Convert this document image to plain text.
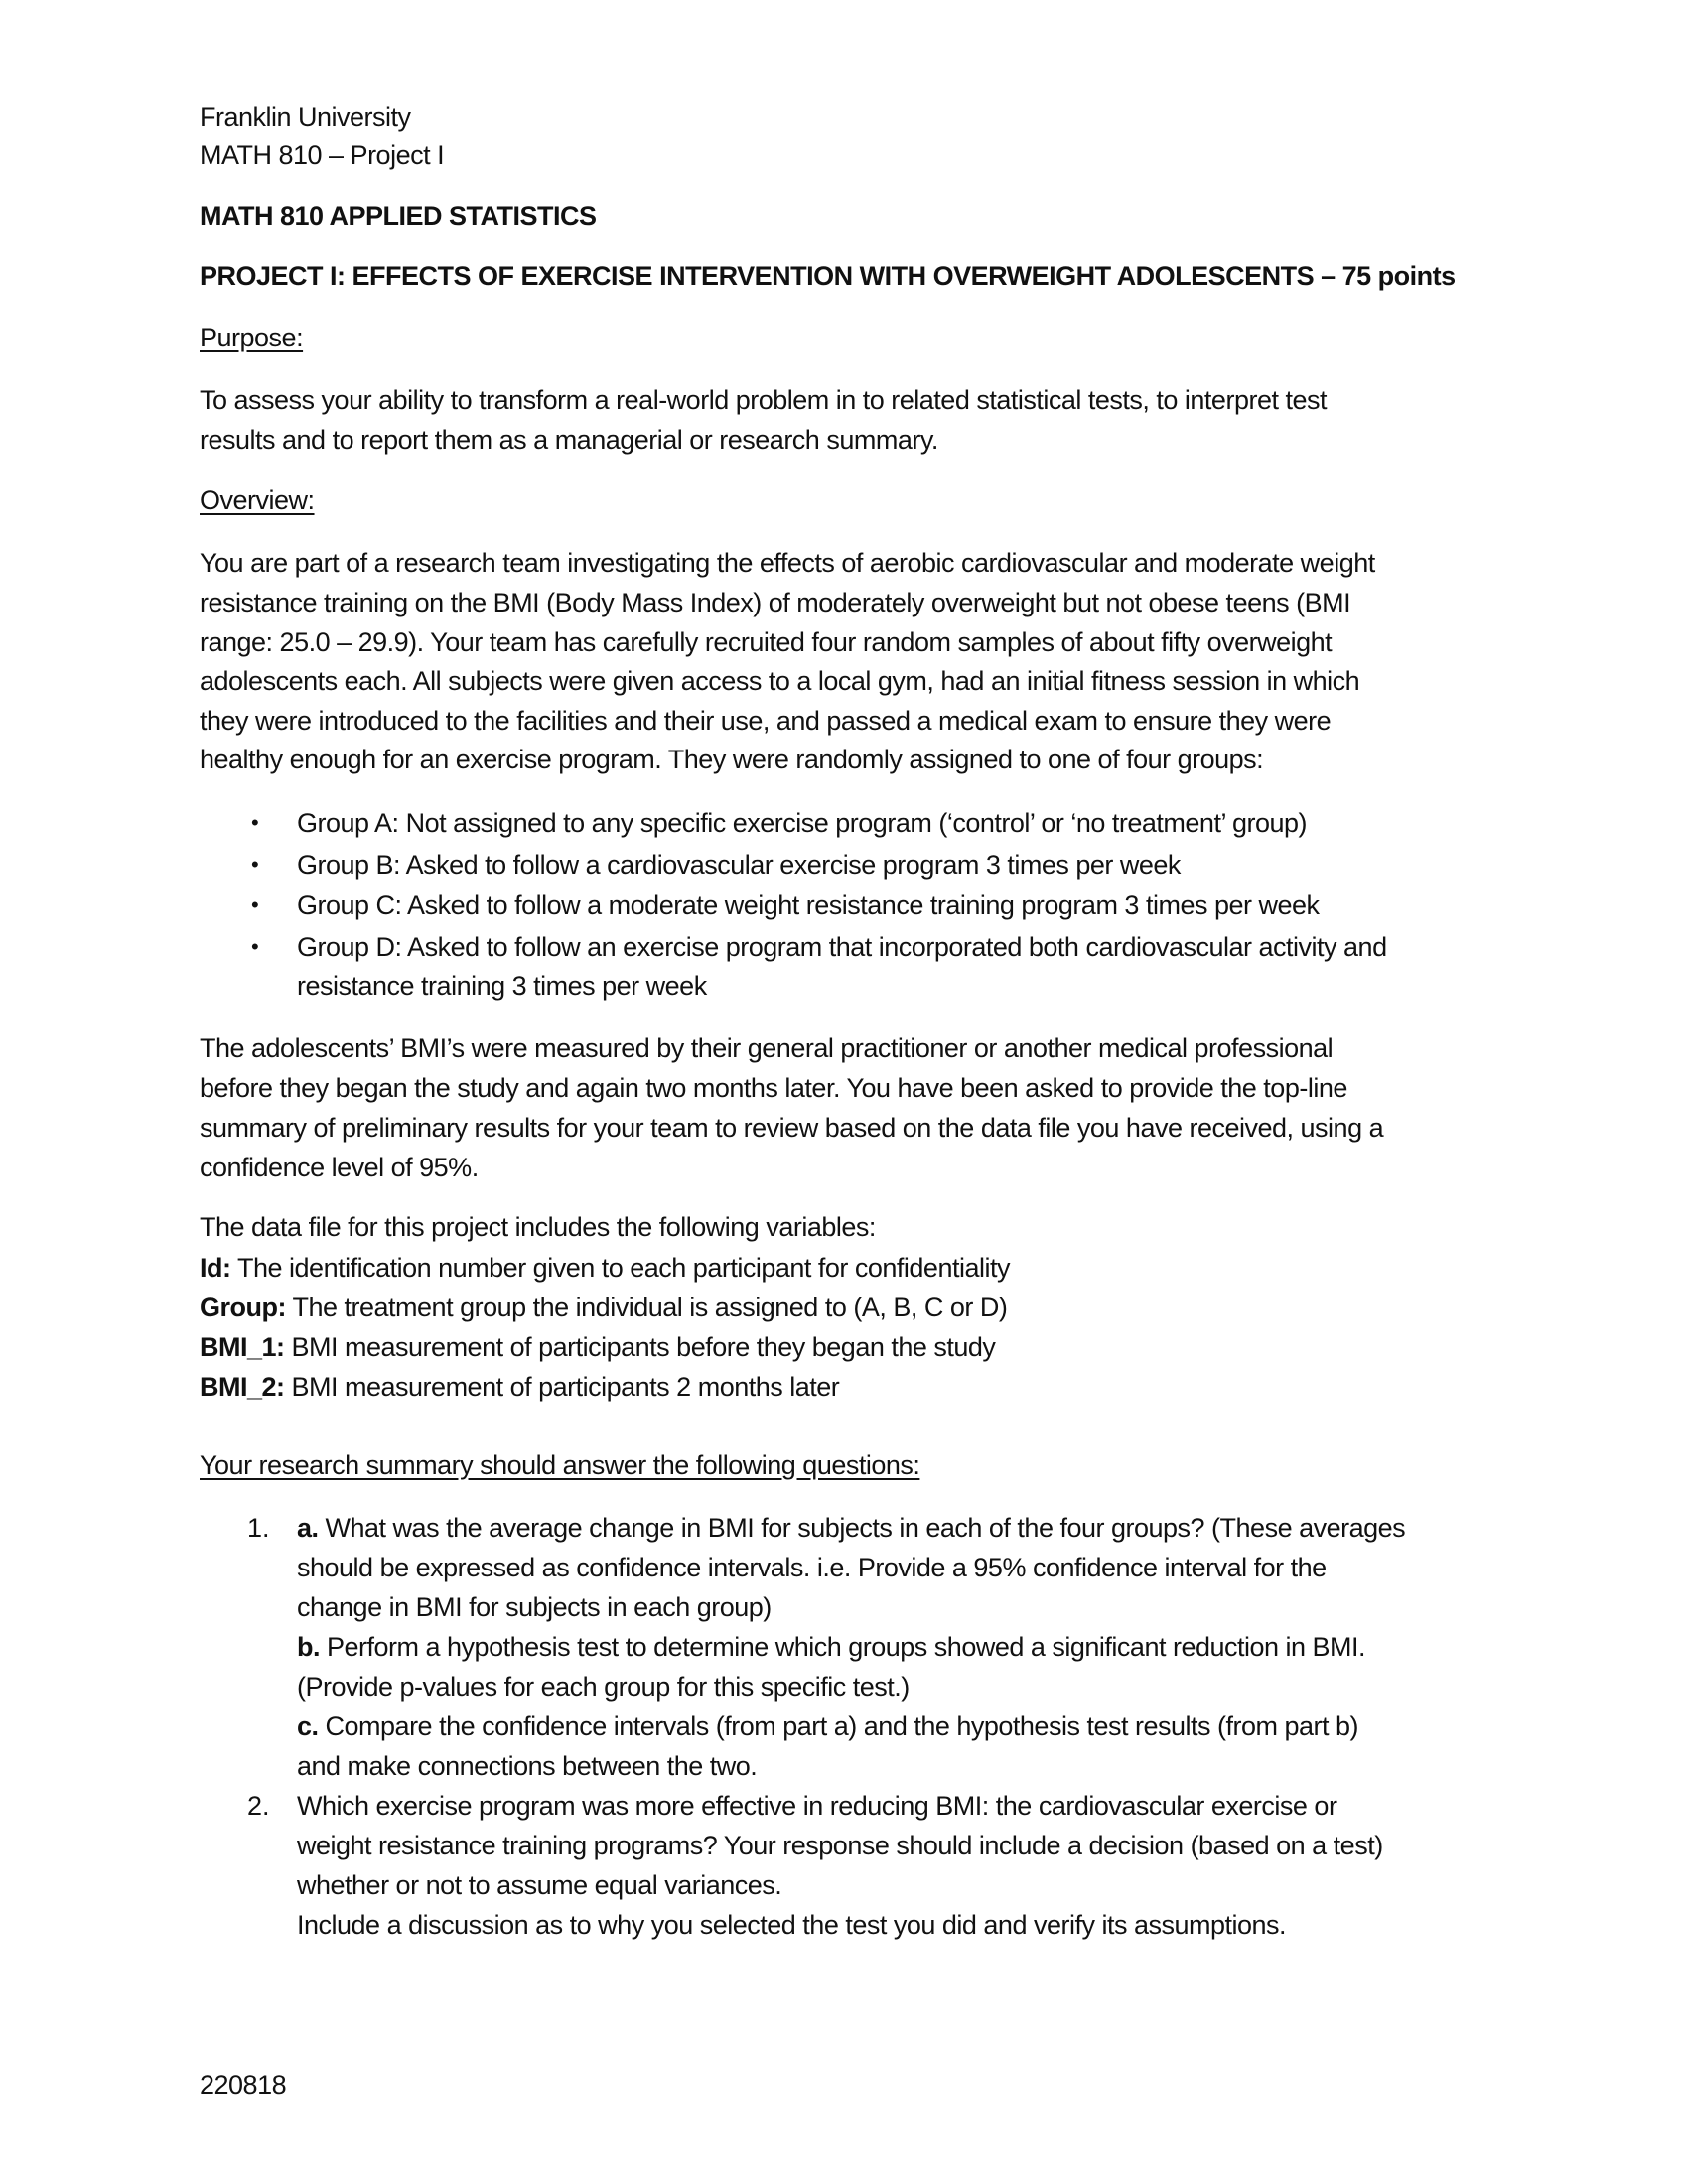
Franklin University
MATH 810 – Project I
MATH 810 APPLIED STATISTICS
PROJECT I: EFFECTS OF EXERCISE INTERVENTION WITH OVERWEIGHT ADOLESCENTS – 75 points
Purpose:
To assess your ability to transform a real-world problem in to related statistical tests, to interpret test
results and to report them as a managerial or research summary.
Overview:
You are part of a research team investigating the effects of aerobic cardiovascular and moderate weight
resistance training on the BMI (Body Mass Index) of moderately overweight but not obese teens (BMI
range: 25.0 – 29.9). Your team has carefully recruited four random samples of about fifty overweight
adolescents each. All subjects were given access to a local gym, had an initial fitness session in which
they were introduced to the facilities and their use, and passed a medical exam to ensure they were
healthy enough for an exercise program. They were randomly assigned to one of four groups:
• Group A: Not assigned to any specific exercise program (‘control’ or ‘no treatment’ group)
• Group B: Asked to follow a cardiovascular exercise program 3 times per week
• Group C: Asked to follow a moderate weight resistance training program 3 times per week
• Group D: Asked to follow an exercise program that incorporated both cardiovascular activity and
resistance training 3 times per week
The adolescents’ BMI’s were measured by their general practitioner or another medical professional
before they began the study and again two months later. You have been asked to provide the top-line
summary of preliminary results for your team to review based on the data file you have received, using a
confidence level of 95%.
The data file for this project includes the following variables:
Id: The identification number given to each participant for confidentiality
Group: The treatment group the individual is assigned to (A, B, C or D)
BMI_1: BMI measurement of participants before they began the study
BMI_2: BMI measurement of participants 2 months later
Your research summary should answer the following questions:
1. a. What was the average change in BMI for subjects in each of the four groups? (These averages
should be expressed as confidence intervals. i.e. Provide a 95% confidence interval for the
change in BMI for subjects in each group)
b. Perform a hypothesis test to determine which groups showed a significant reduction in BMI.
(Provide p-values for each group for this specific test.)
c. Compare the confidence intervals (from part a) and the hypothesis test results (from part b)
and make connections between the two.
2. Which exercise program was more effective in reducing BMI: the cardiovascular exercise or
weight resistance training programs? Your response should include a decision (based on a test)
whether or not to assume equal variances.
Include a discussion as to why you selected the test you did and verify its assumptions.
220818
